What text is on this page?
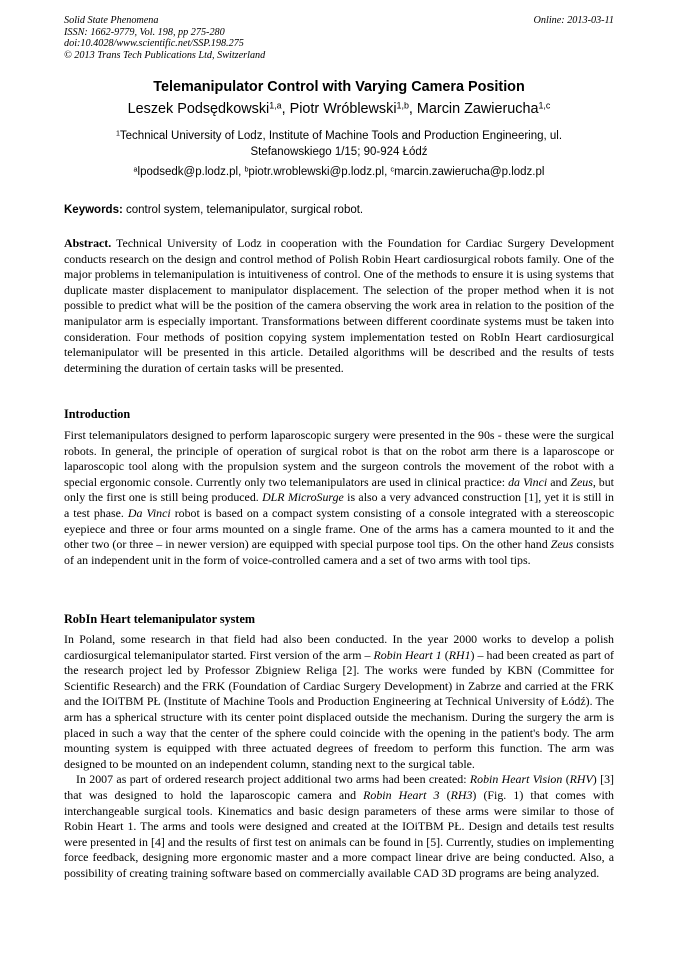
Solid State Phenomena
ISSN: 1662-9779, Vol. 198, pp 275-280
doi:10.4028/www.scientific.net/SSP.198.275
© 2013 Trans Tech Publications Ltd, Switzerland
Online: 2013-03-11
Telemanipulator Control with Varying Camera Position
Leszek Podsędkowski$^{1,a}$, Piotr Wróblewski$^{1,b}$, Marcin Zawierucha$^{1,c}$
$^1$Technical University of Lodz, Institute of Machine Tools and Production Engineering, ul. Stefanowskiego 1/15; 90-924 Łódź
$^a$lpodsedk@p.lodz.pl, $^b$piotr.wroblewski@p.lodz.pl, $^c$marcin.zawierucha@p.lodz.pl
Keywords: control system, telemanipulator, surgical robot.
Abstract. Technical University of Lodz in cooperation with the Foundation for Cardiac Surgery Development conducts research on the design and control method of Polish Robin Heart cardiosurgical robots family. One of the major problems in telemanipulation is intuitiveness of control. One of the methods to ensure it is using systems that duplicate master displacement to manipulator displacement. The selection of the proper method when it is not possible to predict what will be the position of the camera observing the work area in relation to the position of the manipulator arm is especially important. Transformations between different coordinate systems must be taken into consideration. Four methods of position copying system implementation tested on RobIn Heart cardiosurgical telemanipulator will be presented in this article. Detailed algorithms will be described and the results of tests determining the duration of certain tasks will be presented.
Introduction
First telemanipulators designed to perform laparoscopic surgery were presented in the 90s - these were the surgical robots. In general, the principle of operation of surgical robot is that on the robot arm there is a laparoscope or laparoscopic tool along with the propulsion system and the surgeon controls the movement of the robot with a special ergonomic console. Currently only two telemanipulators are used in clinical practice: da Vinci and Zeus, but only the first one is still being produced. DLR MicroSurge is also a very advanced construction [1], yet it is still in a test phase. Da Vinci robot is based on a compact system consisting of a console integrated with a stereoscopic eyepiece and three or four arms mounted on a single frame. One of the arms has a camera mounted to it and the other two (or three – in newer version) are equipped with special purpose tool tips. On the other hand Zeus consists of an independent unit in the form of voice-controlled camera and a set of two arms with tool tips.
RobIn Heart telemanipulator system

In Poland, some research in that field had also been conducted. In the year 2000 works to develop a polish cardiosurgical telemanipulator started. First version of the arm – Robin Heart 1 (RH1) – had been created as part of the research project led by Professor Zbigniew Religa [2]. The works were funded by KBN (Committee for Scientific Research) and the FRK (Foundation of Cardiac Surgery Development) in Zabrze and carried at the FRK and the IOiTBM PŁ (Institute of Machine Tools and Production Engineering at Technical University of Łódź). The arm has a spherical structure with its center point displaced outside the mechanism. During the surgery the arm is placed in such a way that the center of the sphere could coincide with the opening in the patient's body. The arm mounting system is equipped with three actuated degrees of freedom to perform this function. The arm was designed to be mounted on an independent column, standing next to the surgical table.

In 2007 as part of ordered research project additional two arms had been created: Robin Heart Vision (RHV) [3] that was designed to hold the laparoscopic camera and Robin Heart 3 (RH3) (Fig. 1) that comes with interchangeable surgical tools. Kinematics and basic design parameters of these arms were similar to those of Robin Heart 1. The arms and tools were designed and created at the IOiTBM PŁ. Design and details test results were presented in [4] and the results of first test on animals can be found in [5]. Currently, studies on implementing force feedback, designing more ergonomic master and a more compact linear drive are being conducted. Also, a possibility of creating training software based on commercially available CAD 3D programs are being analyzed.
